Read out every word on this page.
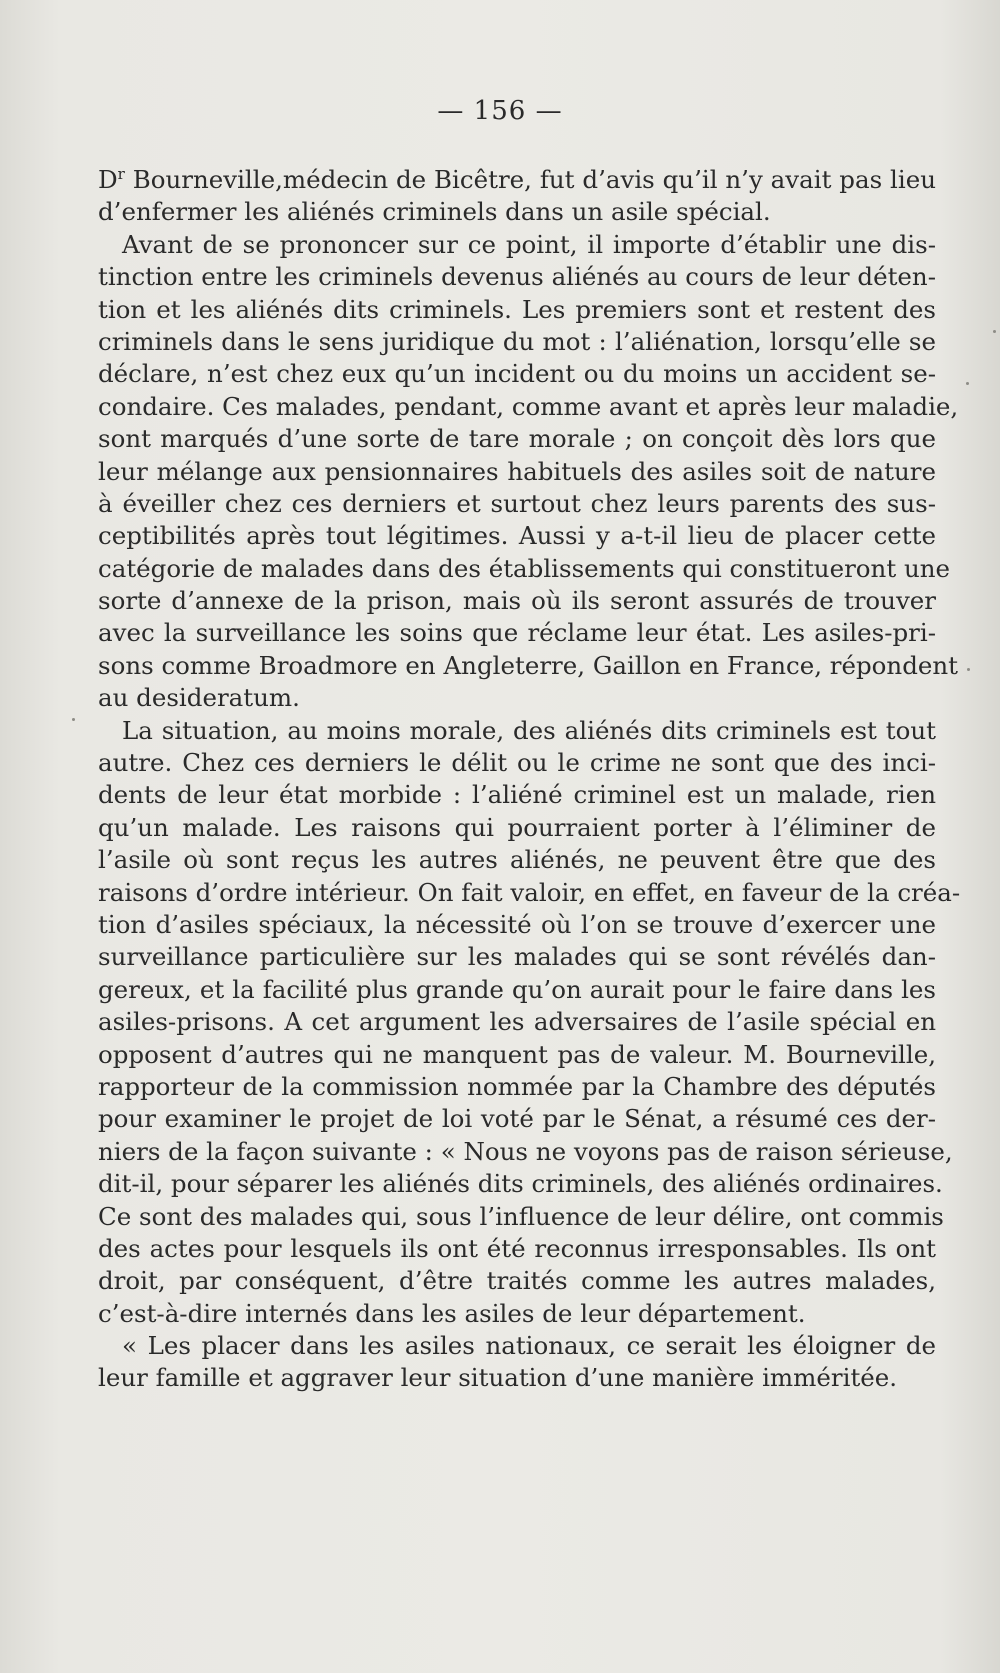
— 156 —
$D^r$ Bourneville,médecin de Bicêtre, fut d’avis qu’il n’y avait pas lieu
d’enfermer les aliénés criminels dans un asile spécial.
Avant de se prononcer sur ce point, il importe d’établir une dis-
tinction entre les criminels devenus aliénés au cours de leur déten-
tion et les aliénés dits criminels. Les premiers sont et restent des
criminels dans le sens juridique du mot : l’aliénation, lorsqu’elle se
déclare, n’est chez eux qu’un incident ou du moins un accident se-
condaire. Ces malades, pendant, comme avant et après leur maladie,
sont marqués d’une sorte de tare morale ; on conçoit dès lors que
leur mélange aux pensionnaires habituels des asiles soit de nature
à éveiller chez ces derniers et surtout chez leurs parents des sus-
ceptibilités après tout légitimes. Aussi y a-t-il lieu de placer cette
catégorie de malades dans des établissements qui constitueront une
sorte d’annexe de la prison, mais où ils seront assurés de trouver
avec la surveillance les soins que réclame leur état. Les asiles-pri-
sons comme Broadmore en Angleterre, Gaillon en France, répondent
au desideratum.
La situation, au moins morale, des aliénés dits criminels est tout
autre. Chez ces derniers le délit ou le crime ne sont que des inci-
dents de leur état morbide : l’aliéné criminel est un malade, rien
qu’un malade. Les raisons qui pourraient porter à l’éliminer de
l’asile où sont reçus les autres aliénés, ne peuvent être que des
raisons d’ordre intérieur. On fait valoir, en effet, en faveur de la créa-
tion d’asiles spéciaux, la nécessité où l’on se trouve d’exercer une
surveillance particulière sur les malades qui se sont révélés dan-
gereux, et la facilité plus grande qu’on aurait pour le faire dans les
asiles-prisons. A cet argument les adversaires de l’asile spécial en
opposent d’autres qui ne manquent pas de valeur. M. Bourneville,
rapporteur de la commission nommée par la Chambre des députés
pour examiner le projet de loi voté par le Sénat, a résumé ces der-
niers de la façon suivante : « Nous ne voyons pas de raison sérieuse,
dit-il, pour séparer les aliénés dits criminels, des aliénés ordinaires.
Ce sont des malades qui, sous l’influence de leur délire, ont commis
des actes pour lesquels ils ont été reconnus irresponsables. Ils ont
droit, par conséquent, d’être traités comme les autres malades,
c’est-à-dire internés dans les asiles de leur département.
« Les placer dans les asiles nationaux, ce serait les éloigner de
leur famille et aggraver leur situation d’une manière imméritée.
